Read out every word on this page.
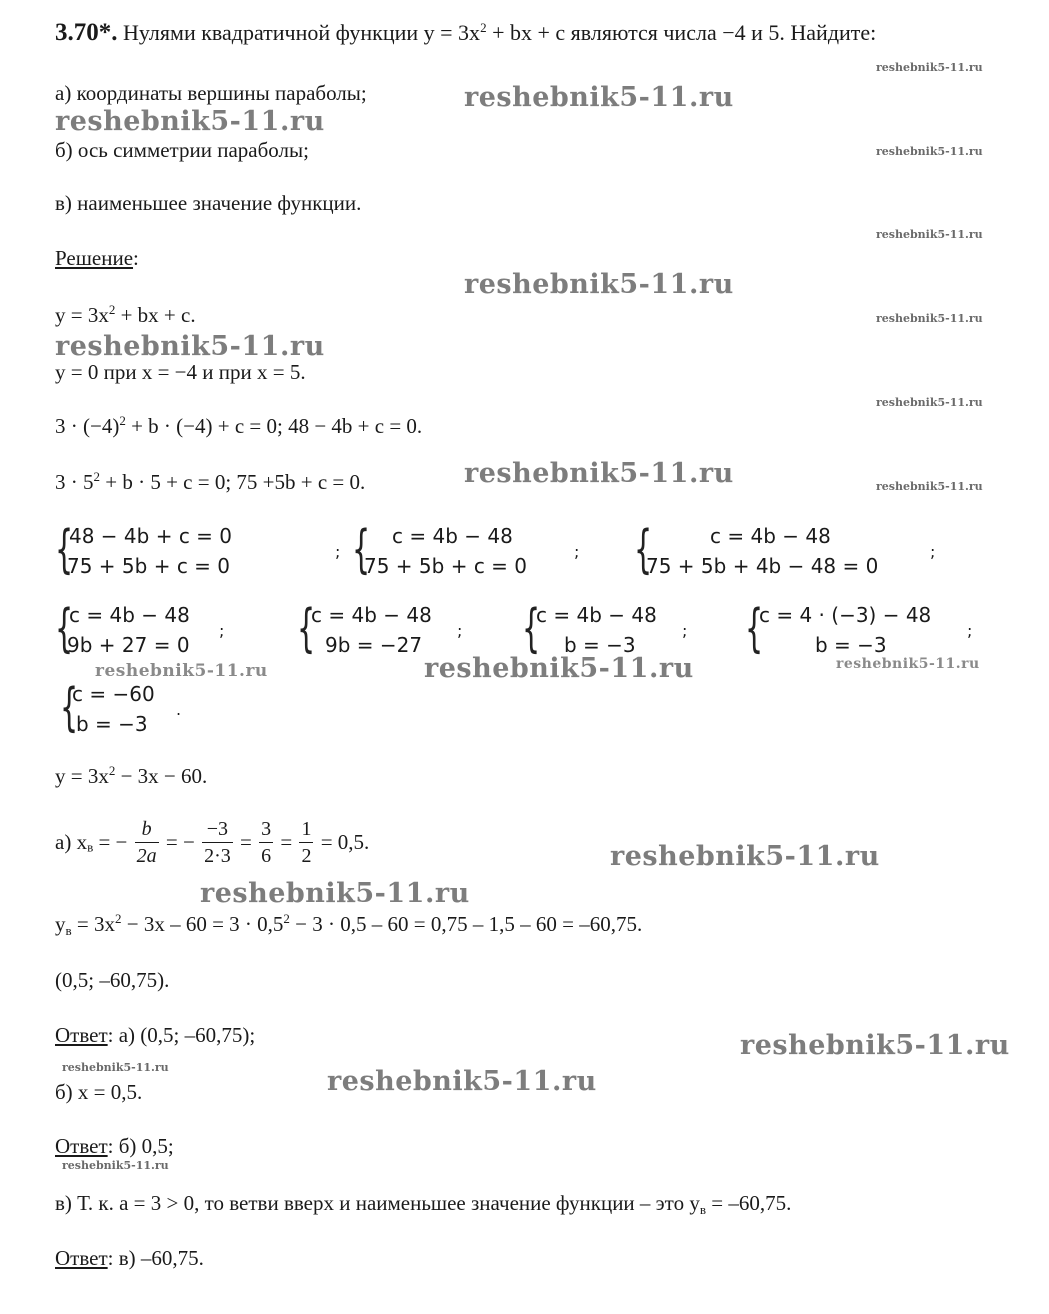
3.70*. Нулями квадратичной функции $y = 3x^2$ + bx + c являются числа −4 и 5. Найдите:
а) координаты вершины параболы;
б) ось симметрии параболы;
в) наименьшее значение функции.
Решение:
$y = 3x^2$ + bx + c.
y = 0 при x = −4 и при x = 5.
$3 \cdot (-4)^2 + b \cdot (-4) + c = 0$; 48 − 4b + c = 0.
$3 \cdot 5^2 + b \cdot 5 + c = 0$; 75 +5b + c = 0.
{
48 − 4b + c = 0
75 + 5b + c = 0
; { c = 4b − 48
75 + 5b + c = 0
; {	c = 4b − 48
75 + 5b + 4b − 48 = 0
;
{
c = 4b − 48
9b + 27 = 0
; {
c = 4b − 48
9b = −27
; {
c = 4b − 48
b = −3
; {
c = 4 · (−3) − 48
b = −3
;
{
c = −60
b = −3
.
$y = 3x^2 - 3x - 60$.
а) $x_в$ = − $\frac{b}{2a}$ = − $\frac{-3}{2\cdot 3} = \frac{3}{6} = \frac{1}{2} = 0,5$.
$y_в = 3x^2 - 3x - 60 = 3 \cdot 0,5^2 - 3 \cdot 0,5 - 60 = 0,75 - 1,5 - 60 = -60,75$.
(0,5; –60,75).
Ответ: а) (0,5; –60,75);
б) x = 0,5.
Ответ: б) 0,5;
в) Т. к. a = 3 > 0, то ветви вверх и наименьшее значение функции – это $y_в = -60,75$.
Ответ: в) –60,75.
reshebnik5-11.ru
reshebnik5-11.ru
reshebnik5-11.ru
reshebnik5-11.ru
reshebnik5-11.ru
reshebnik5-11.ru
reshebnik5-11.ru
reshebnik5-11.ru
reshebnik5-11.ru
reshebnik5-11.ru	reshebnik5-11.ru
reshebnik5-11.ru	reshebnik5-11.ru	reshebnik5-11.ru
reshebnik5-11.ru
reshebnik5-11.ru
reshebnik5-11.ru
reshebnik5-11.ru	reshebnik5-11.ru
reshebnik5-11.ru
